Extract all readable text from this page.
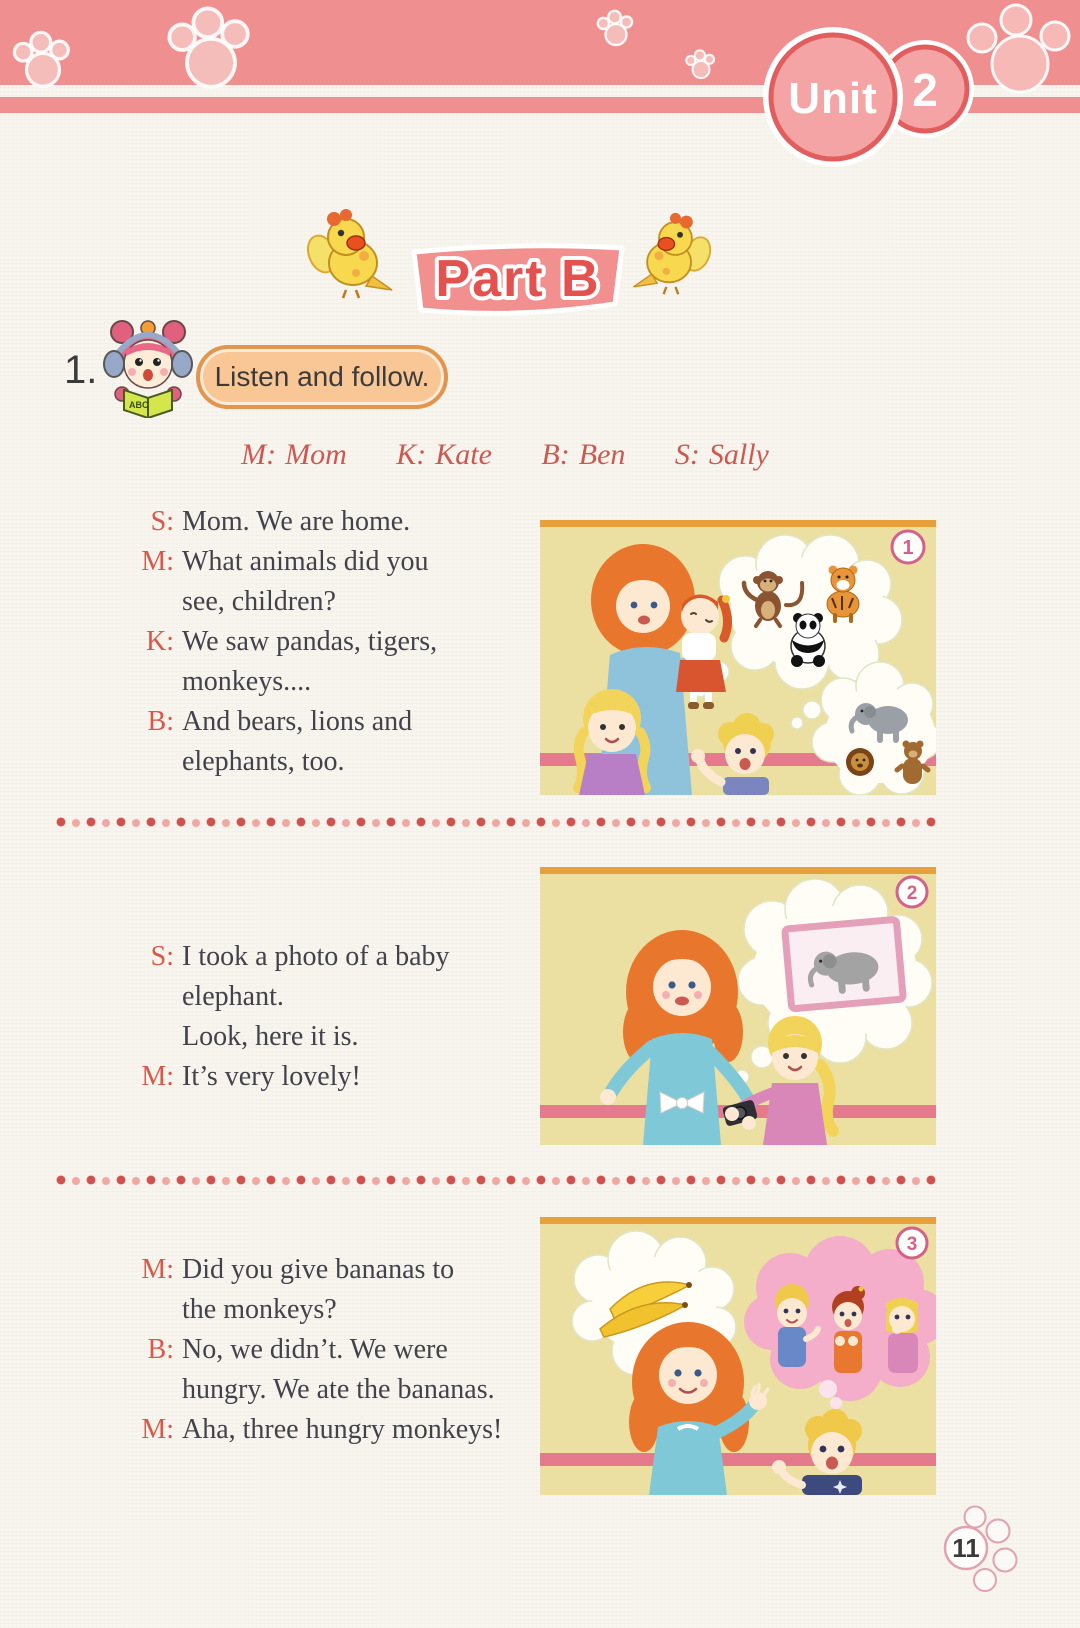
2
Unit
Part B
1.
ABC
Listen and follow.
M: Mom K: Kate B: Ben S: Sally
S: Mom. We are home.
M: What animals did you
see, children?
K: We saw pandas, tigers,
monkeys....
B: And bears, lions and
elephants, too.
1
2
S: I took a photo of a baby
elephant.
Look, here it is.
M: It’s very lovely!
3
M: Did you give bananas to
the monkeys?
B: No, we didn’t. We were
hungry. We ate the bananas.
M: Aha, three hungry monkeys!
11
